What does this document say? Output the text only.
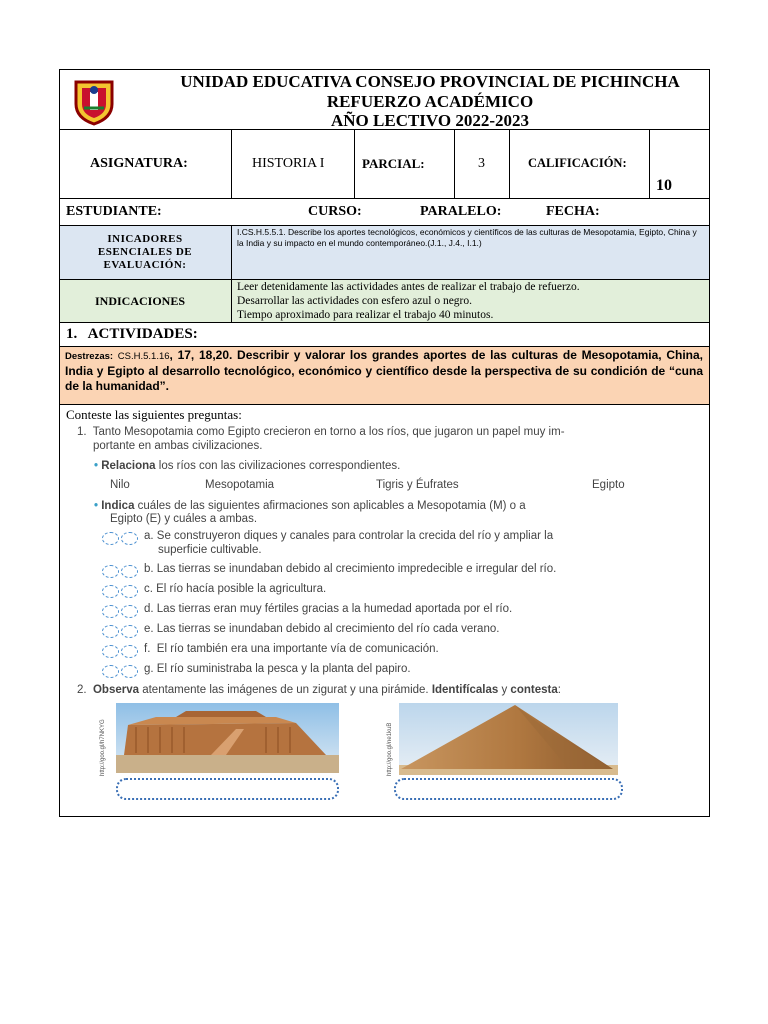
UNIDAD EDUCATIVA CONSEJO PROVINCIAL DE PICHINCHA
REFUERZO ACADÉMICO
AÑO LECTIVO 2022-2023
ASIGNATURA:	HISTORIA I	PARCIAL:	3	CALIFICACIÓN:
10
ESTUDIANTE:	CURSO:	PARALELO:	FECHA:
INICADORES ESENCIALES DE EVALUACIÓN:
I.CS.H.5.5.1. Describe los aportes tecnológicos, económicos y científicos de las culturas de Mesopotamia, Egipto, China y la India y su impacto en el mundo contemporáneo.(J.1., J.4., I.1.)
INDICACIONES
Leer detenidamente las actividades antes de realizar el trabajo de refuerzo.
Desarrollar las actividades con esfero azul o negro.
Tiempo aproximado para realizar el trabajo 40 minutos.
1.   ACTIVIDADES:
Destrezas: CS.H.5.1.16, 17, 18,20. Describir y valorar los grandes aportes de las culturas de Mesopotamia, China, India y Egipto al desarrollo tecnológico, económico y científico desde la perspectiva de su condición de “cuna de la humanidad”.
Conteste las siguientes preguntas:
1.  Tanto Mesopotamia como Egipto crecieron en torno a los ríos, que jugaron un papel muy im-
portante en ambas civilizaciones.
• Relaciona los ríos con las civilizaciones correspondientes.
Nilo	Mesopotamia	Tigris y Éufrates	Egipto
• Indica cuáles de las siguientes afirmaciones son aplicables a Mesopotamia (M) o a
Egipto (E) y cuáles a ambas.
a. Se construyeron diques y canales para controlar la crecida del río y ampliar la
superficie cultivable.
b. Las tierras se inundaban debido al crecimiento impredecible e irregular del río.
c. El río hacía posible la agricultura.
d. Las tierras eran muy fértiles gracias a la humedad aportada por el río.
e. Las tierras se inundaban debido al crecimiento del río cada verano.
f.  El río también era una importante vía de comunicación.
g. El río suministraba la pesca y la planta del papiro.
2.  Observa atentamente las imágenes de un zigurat y una pirámide. Identifícalas y contesta:
http://goo.gl/h7NKYG	http://goo.gl/ne1kuB
